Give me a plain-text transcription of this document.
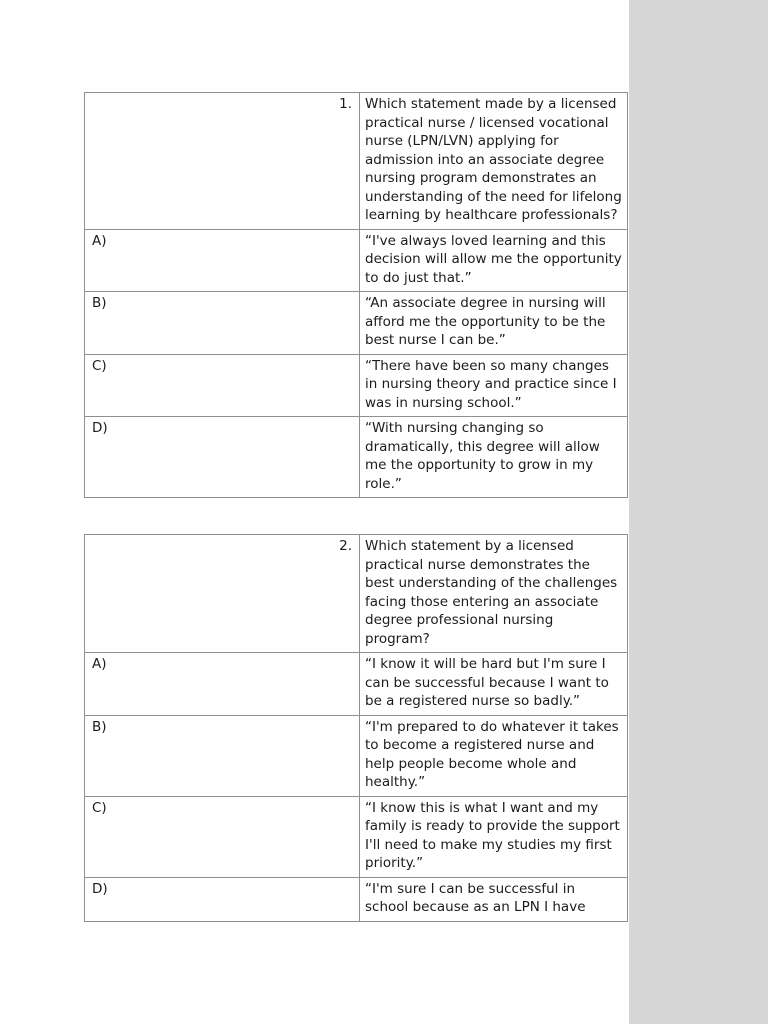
1.	Which statement made by a licensed practical nurse / licensed vocational nurse (LPN/LVN) applying for admission into an associate degree nursing program demonstrates an understanding of the need for lifelong learning by healthcare professionals?
A)	“I've always loved learning and this decision will allow me the opportunity to do just that.”
B)	“An associate degree in nursing will afford me the opportunity to be the best nurse I can be.”
C)	“There have been so many changes in nursing theory and practice since I was in nursing school.”
D)	“With nursing changing so dramatically, this degree will allow me the opportunity to grow in my role.”
2.	Which statement by a licensed practical nurse demonstrates the best understanding of the challenges facing those entering an associate degree professional nursing program?
A)	“I know it will be hard but I'm sure I can be successful because I want to be a registered nurse so badly.”
B)	“I'm prepared to do whatever it takes to become a registered nurse and help people become whole and healthy.”
C)	“I know this is what I want and my family is ready to provide the support I'll need to make my studies my first priority.”
D)	“I'm sure I can be successful in school because as an LPN I have
